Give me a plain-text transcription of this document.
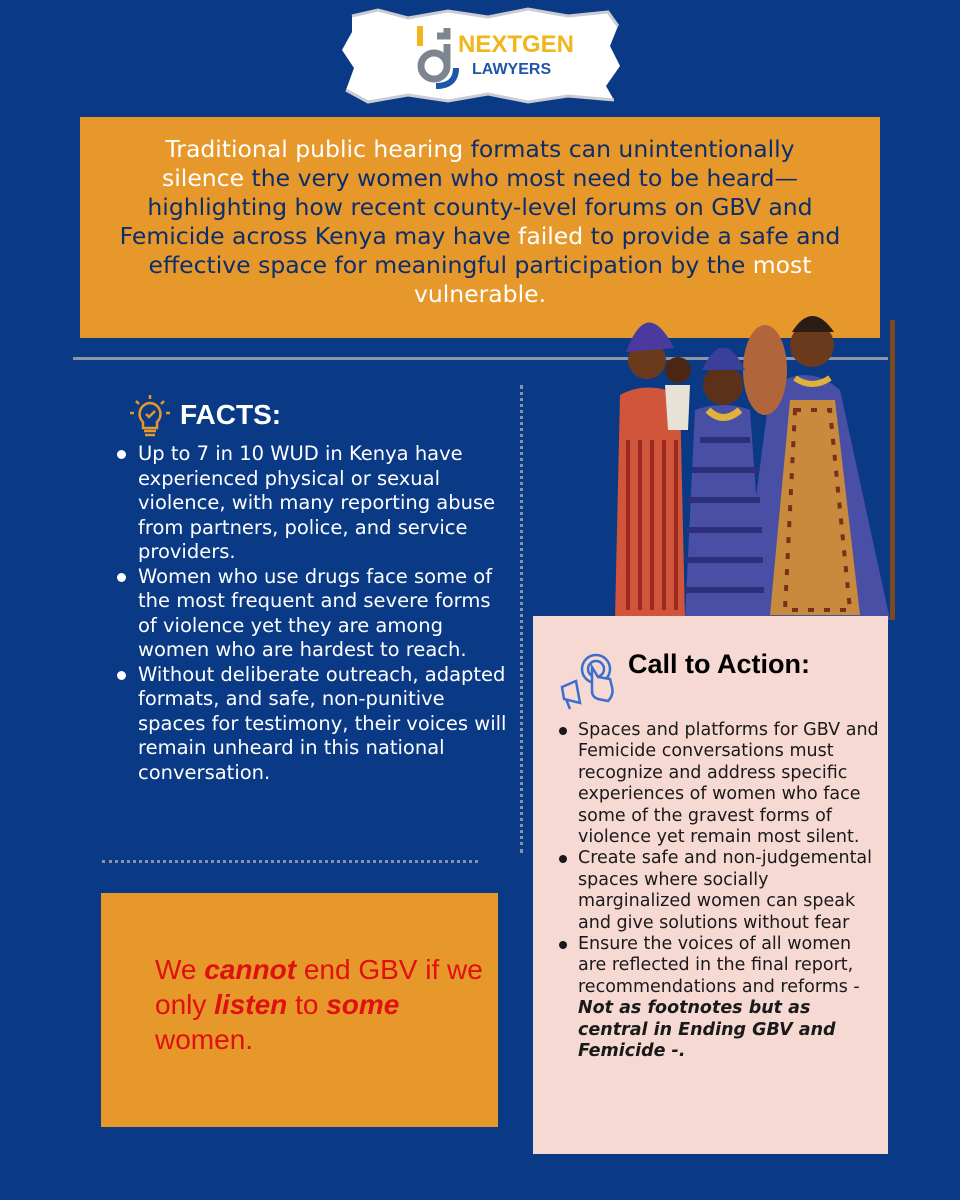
NEXTGEN
LAWYERS
Traditional public hearing formats can unintentionally
silence the very women who most need to be heard—highlighting how recent county-level forums on GBV and Femicide across Kenya may have failed to provide a safe and effective space for meaningful participation by the most vulnerable.
FACTS:
Up to 7 in 10 WUD in Kenya have experienced physical or sexual violence, with many reporting abuse from partners, police, and service providers.
Women who use drugs face some of the most frequent and severe forms of violence yet they are among women who are hardest to reach.
Without deliberate outreach, adapted formats, and safe, non-punitive spaces for testimony, their voices will remain unheard in this national conversation.
We cannot end GBV if we only listen to some women.
Call to Action:
Spaces and platforms for GBV and Femicide conversations must recognize and address specific experiences of women who face some of the gravest forms of violence yet remain most silent.
Create safe and non-judgemental spaces where socially marginalized women can speak and give solutions without fear
Ensure the voices of all women are reflected in the final report, recommendations and reforms - Not as footnotes but as central in Ending GBV and Femicide -.
